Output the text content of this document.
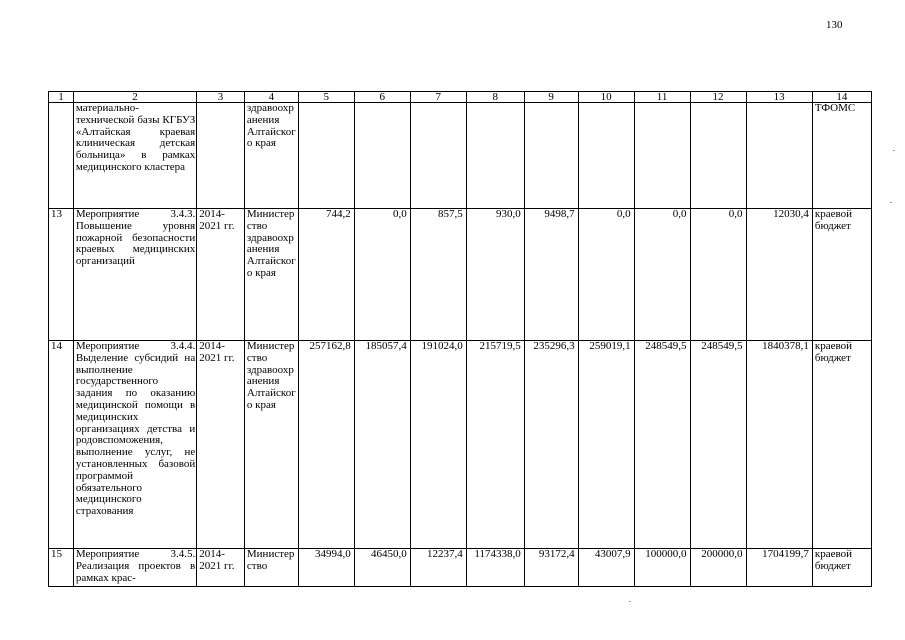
130
1	2	3	4	5	6	7	8	9	10	11	12	13	14
	материально-технической базы КГБУЗ «Алтайская краевая клиническая детская больница» в рамках медицинского кластера		здравоохранения Алтайского края										ТФОМС
13	Мероприятие 3.4.3. Повышение уровня пожарной безопасности краевых медицинских организаций	2014-2021 гг.	Министерство здравоохранения Алтайского края	744,2	0,0	857,5	930,0	9498,7	0,0	0,0	0,0	12030,4	краевой бюджет
14	Мероприятие 3.4.4. Выделение субсидий на выполнение государственного задания по оказанию медицинской помощи в медицинских организациях детства и родовспоможения, выполнение услуг, не установленных базовой программой обязательного медицинского страхования	2014-2021 гг.	Министерство здравоохранения Алтайского края	257162,8	185057,4	191024,0	215719,5	235296,3	259019,1	248549,5	248549,5	1840378,1	краевой бюджет
15	Мероприятие 3.4.5. Реализация проектов в рамках крас-	2014-2021 гг.	Министерство	34994,0	46450,0	12237,4	1174338,0	93172,4	43007,9	100000,0	200000,0	1704199,7	краевой бюджет
